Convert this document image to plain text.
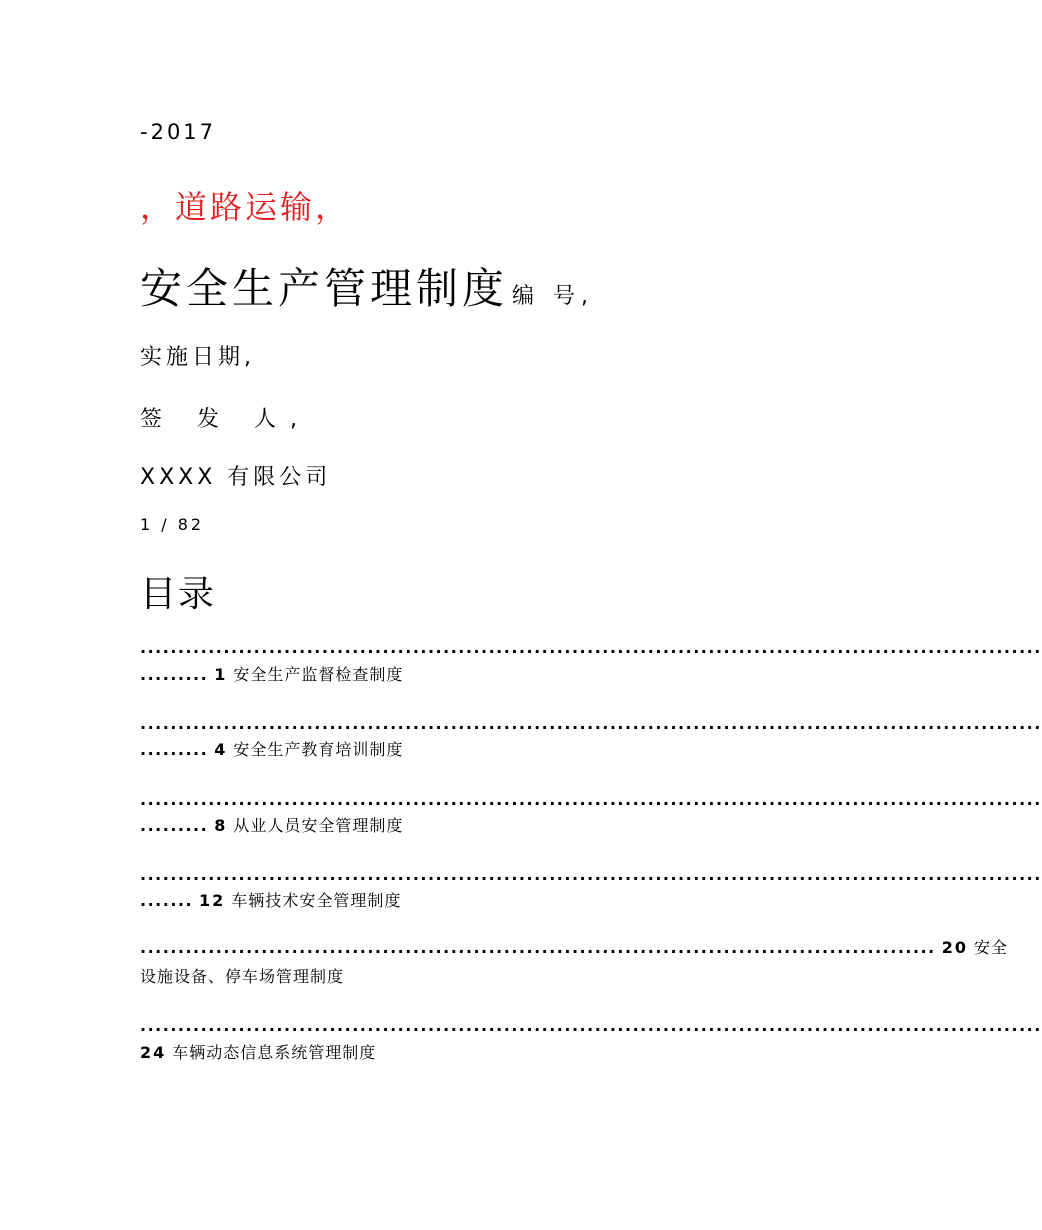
-2017
，道路运输，
安全生产管理制度 编 号,
实施日期,
签 发 人,
XXXX 有限公司
1 / 82
目录
.......................................................................................................................
......... 1 安全生产监督检查制度
.......................................................................................................................
......... 4 安全生产教育培训制度
.......................................................................................................................
......... 8 从业人员安全管理制度
.......................................................................................................................
....... 12 车辆技术安全管理制度
......................................................................................................... 20 安全
设施设备、停车场管理制度
.......................................................................................................................
24 车辆动态信息系统管理制度
